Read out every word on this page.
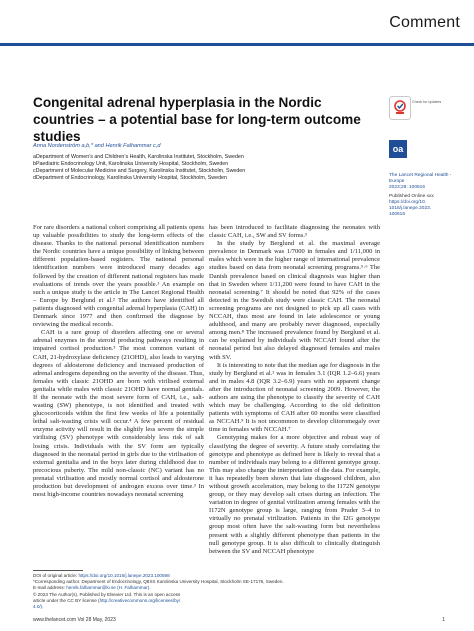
Comment
Congenital adrenal hyperplasia in the Nordic countries – a potential base for long-term outcome studies
Anna Nordenström a,b,* and Henrik Falhammar c,d
aDepartment of Women’s and Children’s Health, Karolinska Institutet, Stockholm, Sweden
bPaediatric Endocrinology Unit, Karolinska University Hospital, Stockholm, Sweden
cDepartment of Molecular Medicine and Surgery, Karolinska Institutet, Stockholm, Sweden
dDepartment of Endocrinology, Karolinska University Hospital, Stockholm, Sweden
Check for updates
oa
The Lancet Regional Health - Europe
2023;28: 100616
Published Online xxx
https://doi.org/10.
1016/j.lanepe.2023.
100616

For rare disorders a national cohort comprising all patients opens up valuable possibilities to study the long-term effects of the disease. Thanks to the national personal identification numbers the Nordic countries have a unique possibility of linking between different population-based registers. The national personal identification numbers were introduced many decades ago followed by the creation of different national registers has made evaluations of trends over the years possible.¹ An example on such a unique study is the article in The Lancet Regional Health – Europe by Berglund et al.² The authors have identified all patients diagnosed with congenital adrenal hyperplasia (CAH) in Denmark since 1977 and then confirmed the diagnose by reviewing the medical records.

CAH is a rare group of disorders affecting one or several adrenal enzymes in the steroid producing pathways resulting in impaired cortisol production.³ The most common variant of CAH, 21-hydroxylase deficiency (21OHD), also leads to varying degrees of aldosterone deficiency and increased production of adrenal androgens depending on the severity of the disease. Thus, females with classic 21OHD are born with virilised external genitalia while males with classic 21OHD have normal genitals. If the neonate with the most severe form of CAH, i.e., salt-wasting (SW) phenotype, is not identified and treated with glucocorticoids within the first few weeks of life a potentially lethal salt-wasting crisis will occur.⁴ A few percent of residual enzyme activity will result in the slightly less severe the simple virilising (SV) phenotype with considerably less risk of salt losing crisis. Individuals with the SV form are typically diagnosed in the neonatal period in girls due to the virilisation of external genitalia and in the boys later during childhood due to precocious puberty. The mild non-classic (NC) variant has no prenatal virilisation and mostly normal cortisol and aldosterone production but development of androgen excess over time.³ In most high-income countries nowadays neonatal screening

has been introduced to facilitate diagnosing the neonates with classic CAH, i.e., SW and SV forms.⁵

In the study by Berglund et al. the maximal average prevalence in Denmark was 1/7000 in females and 1/11,000 in males which were in the higher range of international prevalence studies based on data from neonatal screening programs.⁵·⁶ The Danish prevalence based on clinical diagnosis was higher than that in Sweden where 1/11,200 were found to have CAH in the neonatal screening.⁷ It should be noted that 92% of the cases detected in the Swedish study were classic CAH. The neonatal screening programs are not designed to pick up all cases with NCCAH, thus most are found in late adolescence or young adulthood, and many are probably never diagnosed, especially among men.⁸ The increased prevalence found by Berglund et al. can be explained by individuals with NCCAH found after the neonatal period but also delayed diagnosed females and males with SV.

It is interesting to note that the median age for diagnosis in the study by Berglund et al.² was in females 3.1 (IQR 1.2–6.6) years and in males 4.8 (IQR 3.2–6.9) years with no apparent change after the introduction of neonatal screening 2009. However, the authors are using the phenotype to classify the severity of CAH which may be challenging. According to the old definition patients with symptoms of CAH after 60 months were classified as NCCAH.⁹ It is not uncommon to develop clitoromegaly over time in females with NCCAH.⁷

Genotyping makes for a more objective and robust way of classifying the degree of severity. A future study correlating the genotype and phenotype as defined here is likely to reveal that a number of individuals may belong to a different genotype group. This may also change the interpretation of the data. For example, it has repeatedly been shown that late diagnosed children, also without growth acceleration, may belong to the I172N genotype group, or they may develop salt crises during an infection. The variation in degree of genital virilization among females with the I172N genotype group is large, ranging from Prader 3–4 to virtually no prenatal virilization. Patients in the I2G genotype group most often have the salt-wasting form but nevertheless present with a slightly different phenotype than patients in the null genotype group. It is also difficult to clinically distinguish between the SV and NCCAH phenotype

DOI of original article: https://doi.org/10.1016/j.lanepe.2023.100598
*Corresponding author. Department of Endocrinology, Q8XS Karolinska University Hospital, Stockholm SE-17176, Sweden.
E-mail address: henrik.falhammar@ki.se (H. Falhammar).
© 2023 The Author(s). Published by Elsevier Ltd. This is an open access
article under the CC BY license (http://creativecommons.org/licenses/by/
4.0/).
www.thelancet.com Vol 28 May, 2023	1
